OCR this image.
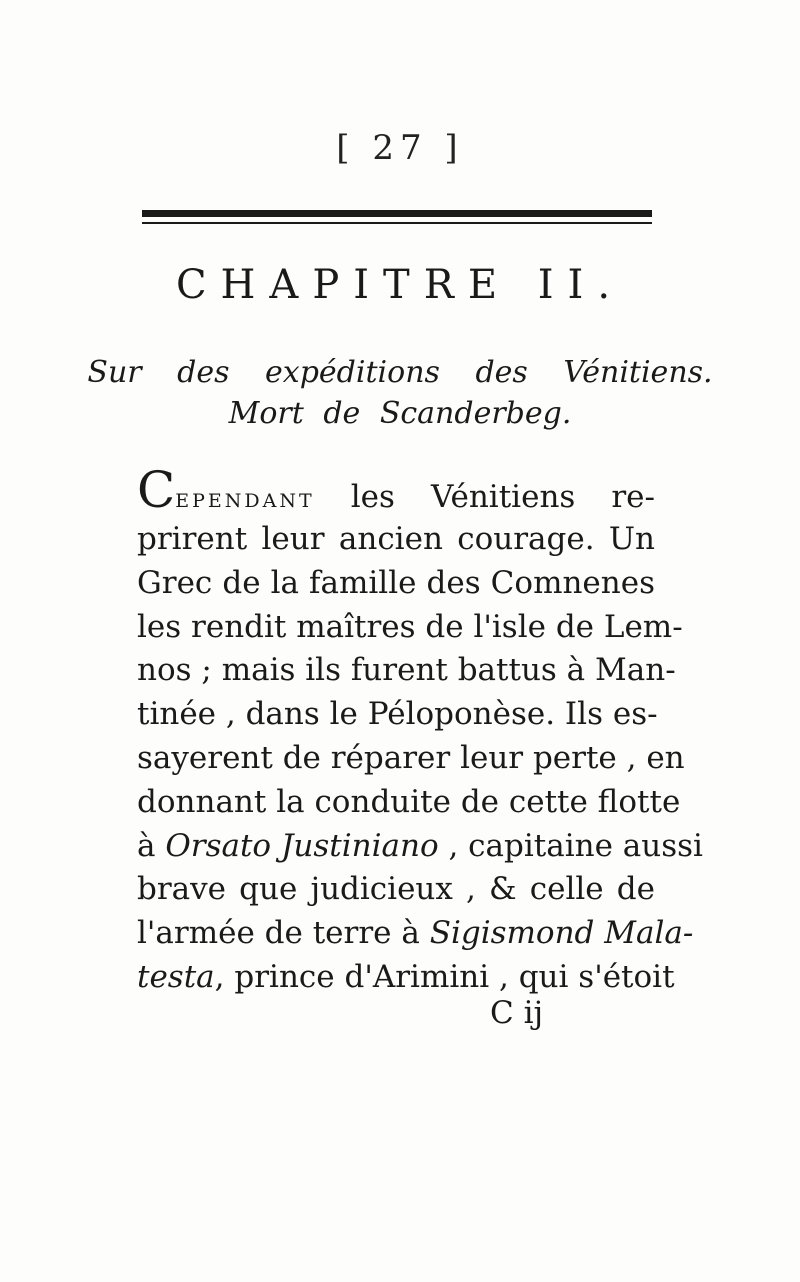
[ 27 ]
CHAPITRE II.
Sur des expéditions des Vénitiens.
Mort de Scanderbeg.
CEPENDANT les Vénitiens re-
prirent leur ancien courage. Un
Grec de la famille des Comnenes
les rendit maîtres de l'isle de Lem-
nos ; mais ils furent battus à Man-
tinée , dans le Péloponèse. Ils es-
sayerent de réparer leur perte , en
donnant la conduite de cette flotte
à Orsato Justiniano , capitaine aussi
brave que judicieux , & celle de
l'armée de terre à Sigismond Mala-
testa, prince d'Arimini , qui s'étoit
C ij
